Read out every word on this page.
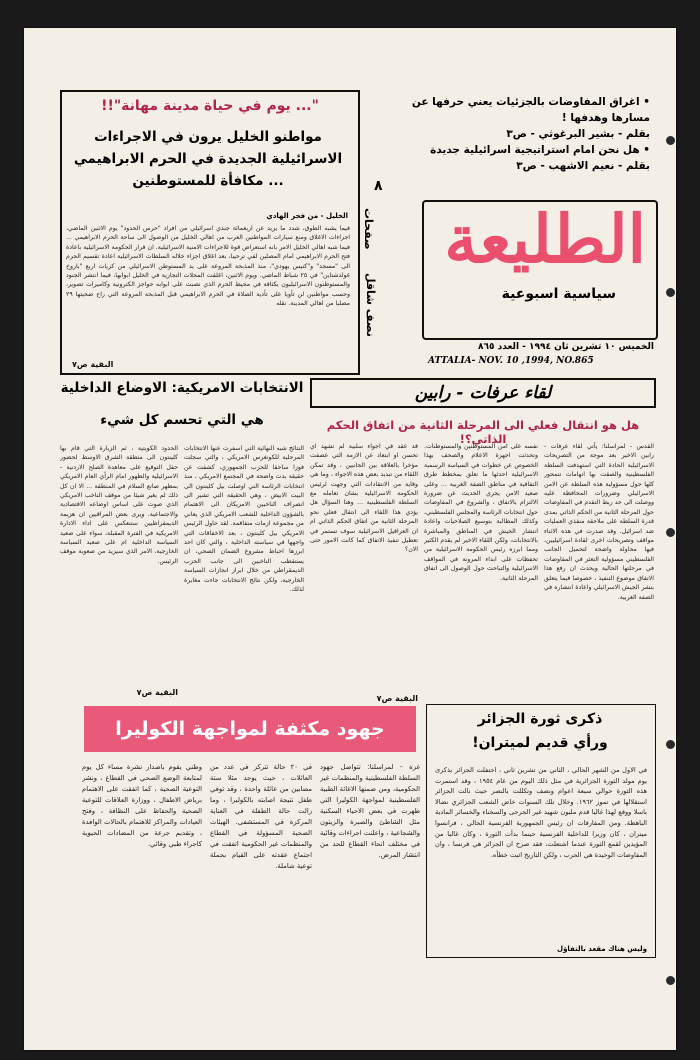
• اغراق المفاوضات بالجزئيات يعني حرفها عن مسارها وهدفها !
بقلم - بشير البرغوثي - ص٣
• هل نحن امام استراتيجية اسرائيلية جديدة
بقلم - نعيم الاشهب - ص٣
الطليعة
سياسية اسبوعية
الخميس ١٠ تشرين ثان ١٩٩٤ - العدد ٨٦٥
ATTALIA- NOV. 10 ,1994, NO.865
٨
صفحات
نصف شاقل
"... يوم في حياة مدينة مهانة"!!
مواطنو الخليل يرون في الاجراءات الاسرائيلية الجديدة في الحرم الابراهيمي ... مكافأة للمستوطنين
الخليل - من فجر الهادي
فيما يشبه الطوق، شدد ما يزيد عن اربعمائة جندي اسرائيلي من افراد "حرس الحدود" يوم الاثنين الماضي، اجراءات الاغلاق ومنع سيارات المواطنين العرب من اهالي الخليل من الوصول الى ساحة الحرم الابراهيمي ... فيما شبه اهالي الخليل الامر بانه استعراض قوة للاجراءات الامنية الاسرائيلية. ان قرار الحكومة الاسرائيلية باعادة فتح الحرم الابراهيمي امام المصلين لقي ترحيبا، بعد اغلاق اجزاء خلاله السلطات الاسرائيلية اعادة تقسيم الحرم الى "مسجد" و"كنيس يهودي"، منذ المذبحة المروعة على يد المستوطن الاسرائيلي من كريات اربع "باروخ غولدشتاين" في ٢٥ شباط الماضي. ويوم الاثنين، اغلقت المحلات التجارية في الخليل ابوابها، فيما انتشر الجنود والمستوطنون الاسرائيليون بكثافة في محيط الحرم الذي نصبت على ابوابه حواجز الكترونية وكاميرات تصوير، وحسب مواطنين لن تأويا على تأدية الصلاة في الحرم الابراهيمي قبل المذبحة المروعة التي راح ضحيتها ٢٩ مصليا من اهالي المدينة. نقله
البقية ص٧
لقاء عرفات - رابين
هل هو انتقال فعلي الى المرحلة الثانية من اتفاق الحكم الذاتي؟!
القدس - لمراسلنا: يأتي لقاء عرفات - رابين الاخير بعد موجة من التصريحات الاسرائيلية الحادة التي استهدفت السلطة الفلسطينية والصقت بها اتهامات تتمحور كلها حول مسؤولية هذه السلطة عن الامن الاسرائيلي وضرورات المحافظة عليه ووصلت الى حد ربط التقدم في المفاوضات حول المرحلة الثانية من الحكم الذاتي بمدى قدرة السلطة على ملاحقة منفذي العمليات ضد اسرائيل. وقد صدرت في هذه الاثناء مواقف وتصريحات اخرى لقادة اسرائيليين، فيها محاولة واضحة لتحميل الجانب الفلسطيني مسؤولية التعثر في المفاوضات في مرحلتها الحالية ويحدث ان رفع هذا الاتفاق موضوع التنفيذ ، خصوصا فيما يتعلق بنشر الجيش الاسرائيلي واعادة انتشاره في الضفة الغربية.
نفسه على امن المستوطنين والمستوطنات. وتحدثت اجهزة الاعلام والصحف بهذا الخصوص عن خطوات في السياسة الرسمية الاسرائيلية احدثها ما تعلق بمخطط طرق التفافية في مناطق الضفة الغربية ... وعلى صعيد الامن يجري الحديث عن ضرورة الالتزام بالاتفاق ، والشروع في المفاوضات حول انتخابات الرئاسة والمجلس الفلسطيني، وكذلك المطالبة بتوسيع الصلاحيات واعادة انتشار الجيش في المناطق والمباشرة بالانتخابات، ولكن اللقاء الاخير لم يقدم الكثير ومما ابرزه رئيس الحكومة الاسرائيلية من تحفظات على ابداء المرونة في المواقف الاسرائيلية والتباحث حول الوصول الى اتفاق المرحلة الثانية.
قد عقد في اجواء سلبية لم تشهد اي تحسن او ابتعاد عن الازمة التي عصفت مؤخرا بالعلاقة بين الجانبين ، وقد تمكن اللقاء من تبديد بعض هذه الاجواء ، وما هي وقاية من الانتقادات التي وجهت لرئيس الحكومة الاسرائيلية بشان تعامله مع السلطة الفلسطينية ... وهنا السؤال هل يؤدي هذا اللقاء الى انتقال فعلي نحو المرحلة الثانية من اتفاق الحكم الذاتي ام ان العراقيل الاسرائيلية سوف تستمر في تعطيل تنفيذ الاتفاق كما كانت الامور حتى الان؟
البقية ص٧
الانتخابات الامريكية: الاوضاع الداخلية
هي التي تحسم كل شيء
النتائج شبه النهائية التي اسفرت عنها الانتخابات المرحلية للكونغرس الامريكي ، والتي سجلت فوزا ساحقا للحزب الجمهوري، كشفت عن حقيقة بدت واضحة في المجتمع الامريكي ، منذ انتخابات الرئاسة التي اوصلت بيل كلينتون الى البيت الابيض ، وهي الحقيقة التي تشير الى انصراف الناخبين الامريكان الى الاهتمام بالشؤون الداخلية للشعب الامريكي الذي يعاني من مجموعة ازمات متفاقمة. لقد حاول الرئيس الامريكي بيل كلينتون ، بعد الاخفاقات التي واجهها في سياسته الداخلية ، والتي كان احد ابرزها احباط مشروع الضمان الصحي، ان يستقطب الناخبين الى جانب الحزب الديمقراطي من خلال ابراز انجازات السياسة الخارجية، ولكن نتائج الانتخابات جاءت مغايرة لذلك.
الحدود الكويتية ، ثم الزيارة التي قام بها كلينتون الى منطقة الشرق الاوسط لحضور حفل التوقيع على معاهدة الصلح الاردنية - الاسرائيلية والظهور امام الرأي العام الامريكي بمظهر صانع السلام في المنطقة ... الا ان كل ذلك لم يغير شيئا من موقف الناخب الامريكي الذي صوت على اساس اوضاعه الاقتصادية والاجتماعية. ويرى بعض المراقبين ان هزيمة الديمقراطيين ستنعكس على اداء الادارة الامريكية في الفترة المقبلة، سواء على صعيد السياسة الداخلية ام على صعيد السياسة الخارجية، الامر الذي سيزيد من صعوبة موقف الرئيس.
البقية ص٧
جهود مكثفة لمواجهة الكوليرا
غزة - لمراسلنا: تتواصل جهود السلطة الفلسطينية والمنظمات غير الحكومية، ومن ضمنها الاغاثة الطبية الفلسطينية لمواجهة الكوليرا التي ظهرت في بعض الاحياء السكنية مثل الشاطئ والصبرة والزيتون والشجاعية ، واعلنت اجراءات وقائية في مختلف انحاء القطاع للحد من انتشار المرض.
في ٢٠ حالة تتركز في عدد من العائلات ، حيث يوجد مثلا ستة مصابين من عائلة واحدة ، وقد توفي طفل نتيجة اصابته بالكوليرا ، وما زالت حالة الطفلة في العناية المركزة في المستشفى. الهيئات الصحية المسؤولة في القطاع والمنظمات غير الحكومية اتفقت في اجتماع عقدته على القيام بحملة توعية شاملة.
وطني يقوم باصدار نشرة مساء كل يوم لمتابعة الوضع الصحي في القطاع ، ونشر التوعية الصحية ، كما اتفقت على الاهتمام برياض الاطفال ، ووزارة العلاقات للتوعية الصحية والحفاظ على النظافة ، وفتح العيادات والمراكز للاهتمام بالحالات الوافدة ، وتقديم جرعة من المضادات الحيوية كاجراء طبي وقائي.
ذكرى ثورة الجزائر
ورأي قديم لميتران!
في الاول من الشهر الحالي ، الثاني من تشرين ثاني ، احتفلت الجزائر بذكرى يوم مولد الثورة الجزائرية في مثل ذلك اليوم من عام ١٩٥٤ ، وقد استمرت هذه الثورة حوالي سبعة اعوام ونصف وتكللت بالنصر حيث نالت الجزائر استقلالها في تموز ١٩٦٢. وخلال تلك السنوات خاض الشعب الجزائري نضالا باسلا ووقع لهذا غاليا قدم مليون شهيد غير الجرحى والسجناء والخسائر المادية الباهظة. ومن المفارقات ان رئيس الجمهورية الفرنسية الحالي ، فرانسوا ميتران ، كان وزيرا للداخلية الفرنسية حينما بدأت الثورة ، وكان غالبا من المؤيدين لقمع الثورة عندما اشتعلت، فقد صرح ان الجزائر هي فرنسا ، وان المفاوضات الوحيدة هي الحرب ، ولكن التاريخ اثبت خطأه.
وليس هناك مقعد بالتفاؤل
